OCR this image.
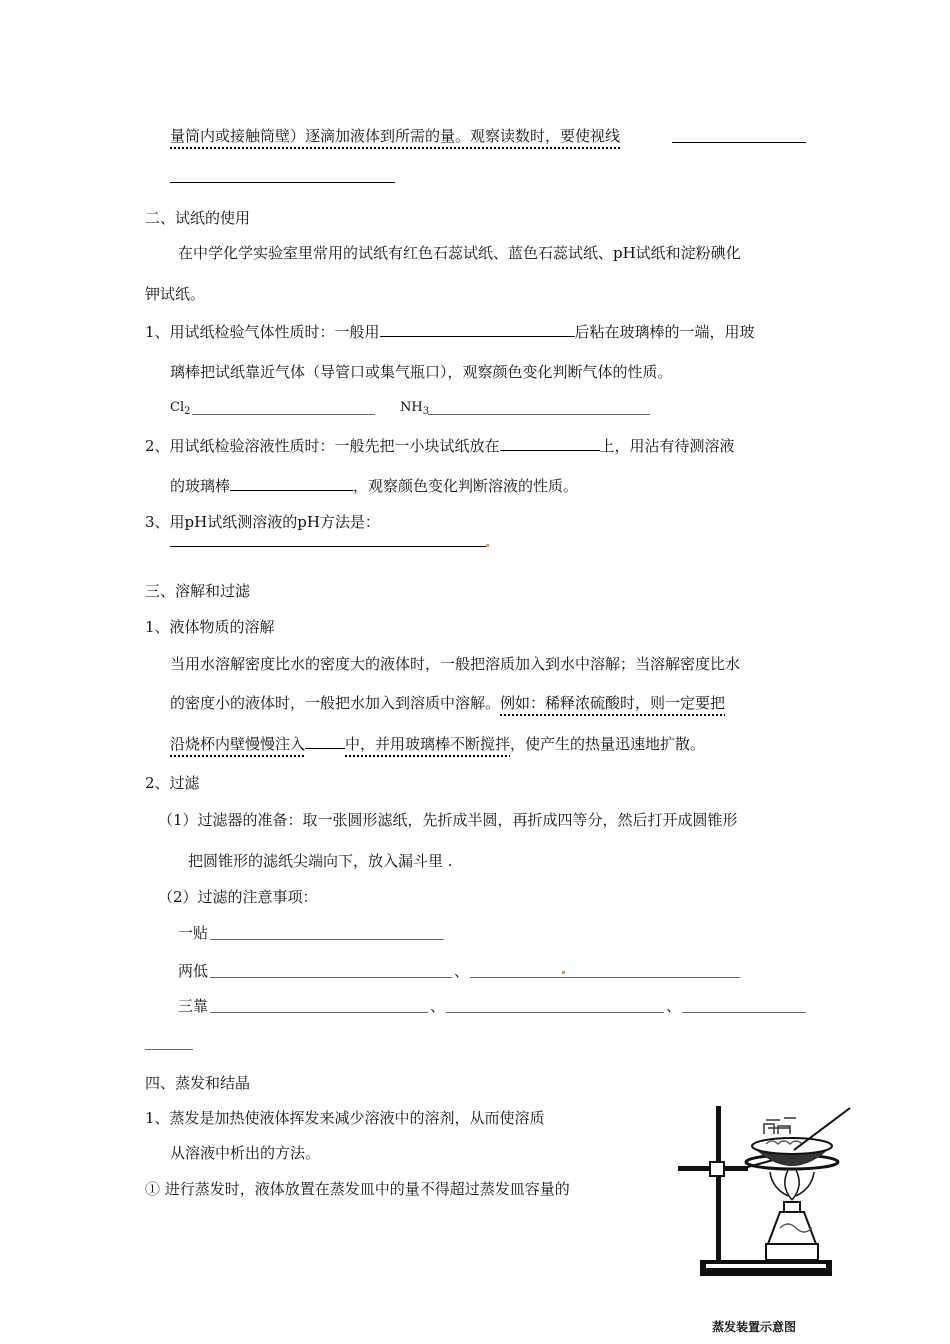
量筒内或接触筒壁）逐滴加液体到所需的量。观察读数时，要使视线
二、试纸的使用
在中学化学实验室里常用的试纸有红色石蕊试纸、蓝色石蕊试纸、pH试纸和淀粉碘化
钾试纸。
1、用试纸检验气体性质时：一般用	后粘在玻璃棒的一端，用玻
璃棒把试纸靠近气体（导管口或集气瓶口），观察颜色变化判断气体的性质。
$Cl_2$	$NH_3$
2、用试纸检验溶液性质时：一般先把一小块试纸放在	上，用沾有待测溶液
的玻璃棒	，观察颜色变化判断溶液的性质。
3、用pH试纸测溶液的pH方法是：
三、溶解和过滤
1、液体物质的溶解
当用水溶解密度比水的密度大的液体时，一般把溶质加入到水中溶解；当溶解密度比水
的密度小的液体时，一般把水加入到溶质中溶解。例如：稀释浓硫酸时，则一定要把
沿烧杯内壁慢慢注入	中，并用玻璃棒不断搅拌，使产生的热量迅速地扩散。
2、过滤
（1）过滤器的准备：取一张圆形滤纸，先折成半圆，再折成四等分，然后打开成圆锥形
把圆锥形的滤纸尖端向下，放入漏斗里 .
（2）过滤的注意事项：
一贴
两低	、
三靠	、	、
四、蒸发和结晶
1、蒸发是加热使液体挥发来减少溶液中的溶剂，从而使溶质
从溶液中析出的方法。
① 进行蒸发时，液体放置在蒸发皿中的量不得超过蒸发皿容量的
蒸发装置示意图
